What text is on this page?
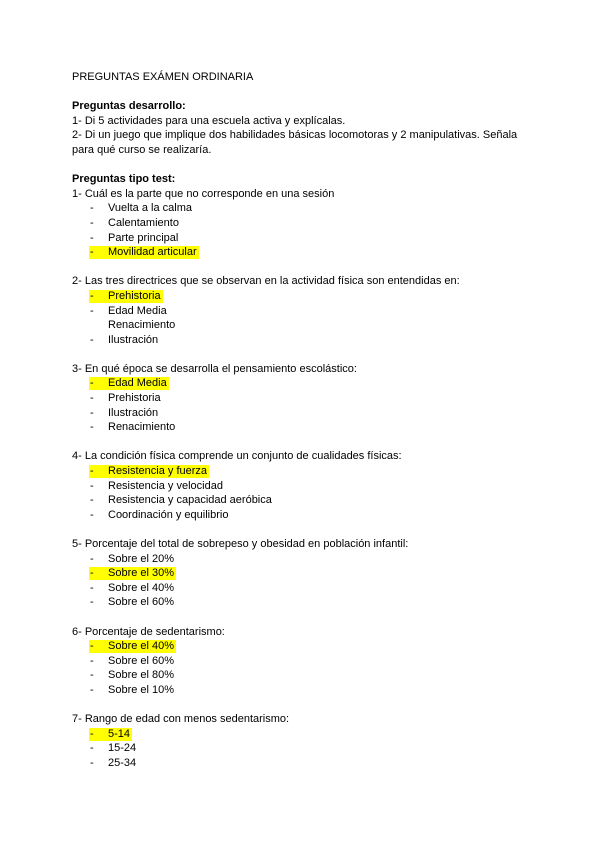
PREGUNTAS EXÁMEN ORDINARIA
Preguntas desarrollo:
1- Di 5 actividades para una escuela activa y explícalas.
2- Di un juego que implique dos habilidades básicas locomotoras y 2 manipulativas. Señala para qué curso se realizaría.
Preguntas tipo test:
1- Cuál es la parte que no corresponde en una sesión
- Vuelta a la calma
- Calentamiento
- Parte principal
- Movilidad articular
2- Las tres directrices que se observan en la actividad física son entendidas en:
- Prehistoria
- Edad Media
Renacimiento
- Ilustración
3- En qué época se desarrolla el pensamiento escolástico:
- Edad Media
- Prehistoria
- Ilustración
- Renacimiento
4- La condición física comprende un conjunto de cualidades físicas:
- Resistencia y fuerza
- Resistencia y velocidad
- Resistencia y capacidad aeróbica
- Coordinación y equilibrio
5- Porcentaje del total de sobrepeso y obesidad en población infantil:
- Sobre el 20%
- Sobre el 30%
- Sobre el 40%
- Sobre el 60%
6- Porcentaje de sedentarismo:
- Sobre el 40%
- Sobre el 60%
- Sobre el 80%
- Sobre el 10%
7- Rango de edad con menos sedentarismo:
- 5-14
- 15-24
- 25-34
